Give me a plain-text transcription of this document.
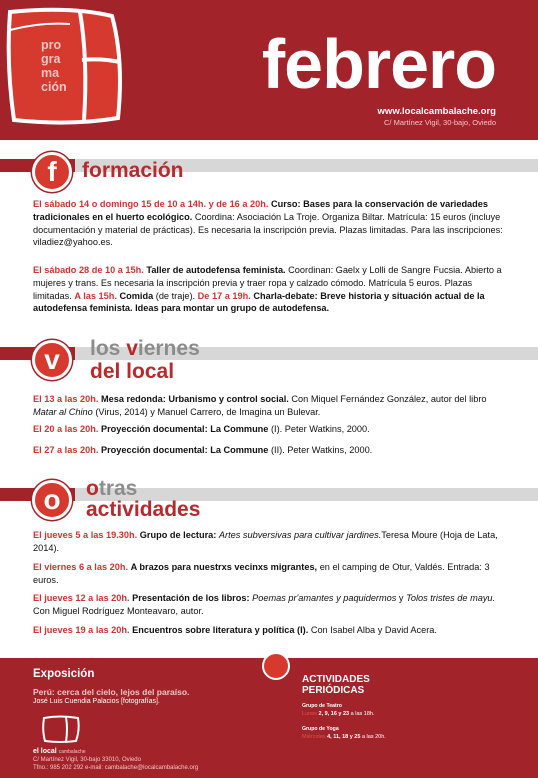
pro
gra
ma
ción	febrero
www.localcambalache.org
C/ Martínez Vigil, 30-bajo, Oviedo
f	formación
El sábado 14 o domingo 15 de 10 a 14h. y de 16 a 20h. Curso: Bases para la conservación de variedades tradicionales en el huerto ecológico. Coordina: Asociación La Troje. Organiza Biltar. Matrícula: 15 euros (incluye documentación y material de prácticas). Es necesaria la inscripción previa. Plazas limitadas. Para las inscripciones: viladiez@yahoo.es.
El sábado 28 de 10 a 15h. Taller de autodefensa feminista. Coordinan: Gaelx y Lolli de Sangre Fucsia. Abierto a mujeres y trans. Es necesaria la inscripción previa y traer ropa y calzado cómodo. Matrícula 5 euros. Plazas limitadas. A las 15h. Comida (de traje). De 17 a 19h. Charla-debate: Breve historia y situación actual de la autodefensa feminista. Ideas para montar un grupo de autodefensa.
v	los viernes
del local
El 13 a las 20h. Mesa redonda: Urbanismo y control social. Con Miquel Fernández González, autor del libro Matar al Chino (Virus, 2014) y Manuel Carrero, de Imagina un Bulevar.
El 20 a las 20h. Proyección documental: La Commune (I). Peter Watkins, 2000.
El 27 a las 20h. Proyección documental: La Commune (II). Peter Watkins, 2000.
o	otras
actividades
El jueves 5 a las 19.30h. Grupo de lectura: Artes subversivas para cultivar jardines.Teresa Moure (Hoja de Lata, 2014).
El viernes 6 a las 20h. A brazos para nuestrxs vecinxs migrantes, en el camping de Otur, Valdés. Entrada: 3 euros.
El jueves 12 a las 20h. Presentación de los libros: Poemas pr'amantes y paquidermos y Tolos tristes de mayu. Con Miguel Rodríguez Monteavaro, autor.
El jueves 19 a las 20h. Encuentros sobre literatura y política (I). Con Isabel Alba y David Acera.
Exposición
Perú: cerca del cielo, lejos del paraíso.
José Luis Cuendia Palacios [fotografías].
el local cambalache
C/ Martínez Vigil, 30-bajo 33010, Oviedo
Tfno.: 985 202 292 e-mail: cambalache@localcambalache.org
ACTIVIDADES
PERIÓDICAS
Grupo de Teatro
Lunes 2, 9, 16 y 23 a las 18h.
Grupo de Yoga
Miércoles 4, 11, 18 y 25 a las 20h.
